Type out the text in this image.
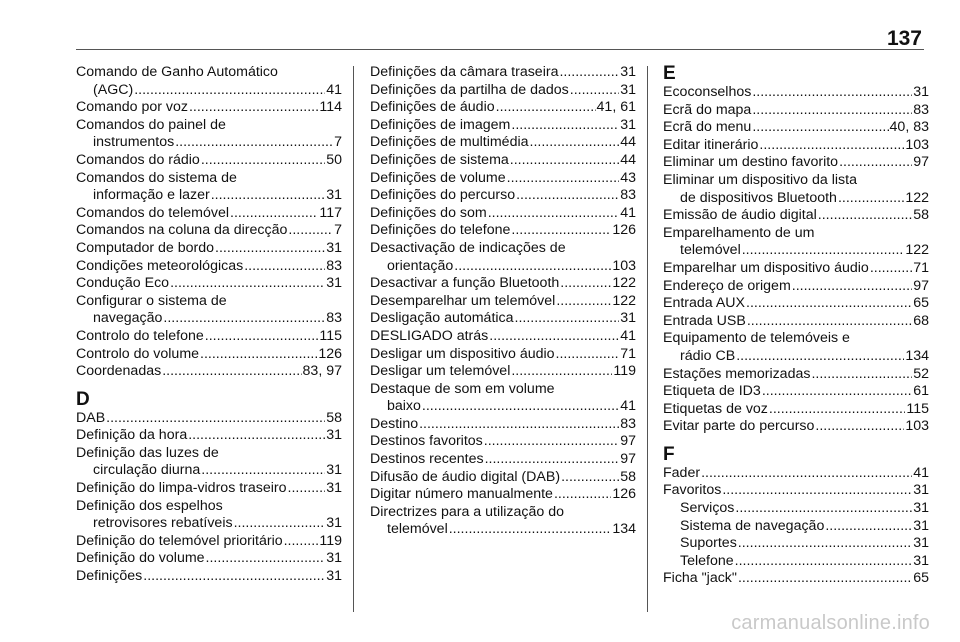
137
Comando de Ganho Automático
(AGC) .....	41
Comando por voz .....	114
Comandos do painel de
instrumentos .....	7
Comandos do rádio .....	50
Comandos do sistema de
informação e lazer .....	31
Comandos do telemóvel .....	117
Comandos na coluna da direcção .....	7
Computador de bordo .....	31
Condições meteorológicas .....	83
Condução Eco .....	31
Configurar o sistema de
navegação .....	83
Controlo do telefone .....	115
Controlo do volume .....	126
Coordenadas .....	83, 97
D
DAB .....	58
Definição da hora .....	31
Definição das luzes de
circulação diurna .....	31
Definição do limpa-vidros traseiro .....	31
Definição dos espelhos
retrovisores rebatíveis .....	31
Definição do telemóvel prioritário .....	119
Definição do volume .....	31
Definições .....	31
Definições da câmara traseira .....	31
Definições da partilha de dados .....	31
Definições de áudio .....	41, 61
Definições de imagem .....	31
Definições de multimédia .....	44
Definições de sistema .....	44
Definições de volume .....	43
Definições do percurso .....	83
Definições do som .....	41
Definições do telefone .....	126
Desactivação de indicações de
orientação .....	103
Desactivar a função Bluetooth .....	122
Desemparelhar um telemóvel .....	122
Desligação automática .....	31
DESLIGADO atrás .....	41
Desligar um dispositivo áudio .....	71
Desligar um telemóvel .....	119
Destaque de som em volume
baixo .....	41
Destino .....	83
Destinos favoritos .....	97
Destinos recentes .....	97
Difusão de áudio digital (DAB) .....	58
Digitar número manualmente .....	126
Directrizes para a utilização do
telemóvel .....	134
E
Ecoconselhos .....	31
Ecrã do mapa .....	83
Ecrã do menu .....	40, 83
Editar itinerário .....	103
Eliminar um destino favorito .....	97
Eliminar um dispositivo da lista
de dispositivos Bluetooth .....	122
Emissão de áudio digital .....	58
Emparelhamento de um
telemóvel .....	122
Emparelhar um dispositivo áudio .....	71
Endereço de origem .....	97
Entrada AUX .....	65
Entrada USB .....	68
Equipamento de telemóveis e
rádio CB .....	134
Estações memorizadas .....	52
Etiqueta de ID3 .....	61
Etiquetas de voz .....	115
Evitar parte do percurso .....	103
F
Fader .....	41
Favoritos .....	31
Serviços .....	31
Sistema de navegação .....	31
Suportes .....	31
Telefone .....	31
Ficha "jack" .....	65
carmanualsonline.info
